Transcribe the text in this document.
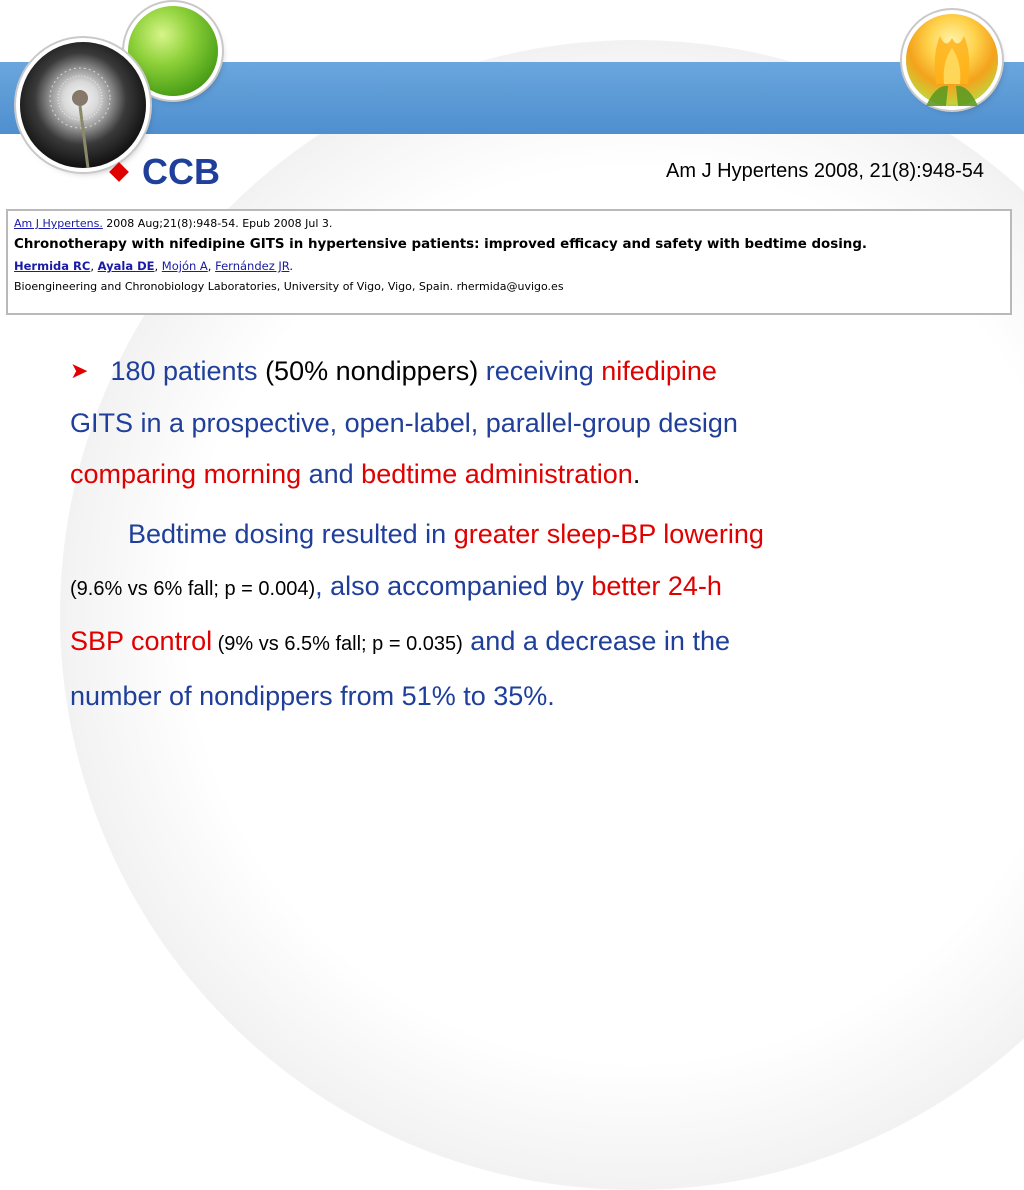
CCB	Am J Hypertens 2008, 21(8):948-54
Am J Hypertens. 2008 Aug;21(8):948-54. Epub 2008 Jul 3.
Chronotherapy with nifedipine GITS in hypertensive patients: improved efficacy and safety with bedtime dosing.
Hermida RC, Ayala DE, Mojón A, Fernández JR.
Bioengineering and Chronobiology Laboratories, University of Vigo, Vigo, Spain. rhermida@uvigo.es

➤ 180 patients (50% nondippers) receiving nifedipine
GITS in a prospective, open-label, parallel-group design
comparing morning and bedtime administration.

Bedtime dosing resulted in greater sleep-BP lowering
(9.6% vs 6% fall; p = 0.004), also accompanied by better 24-h
SBP control (9% vs 6.5% fall; p = 0.035) and a decrease in the
number of nondippers from 51% to 35%.
